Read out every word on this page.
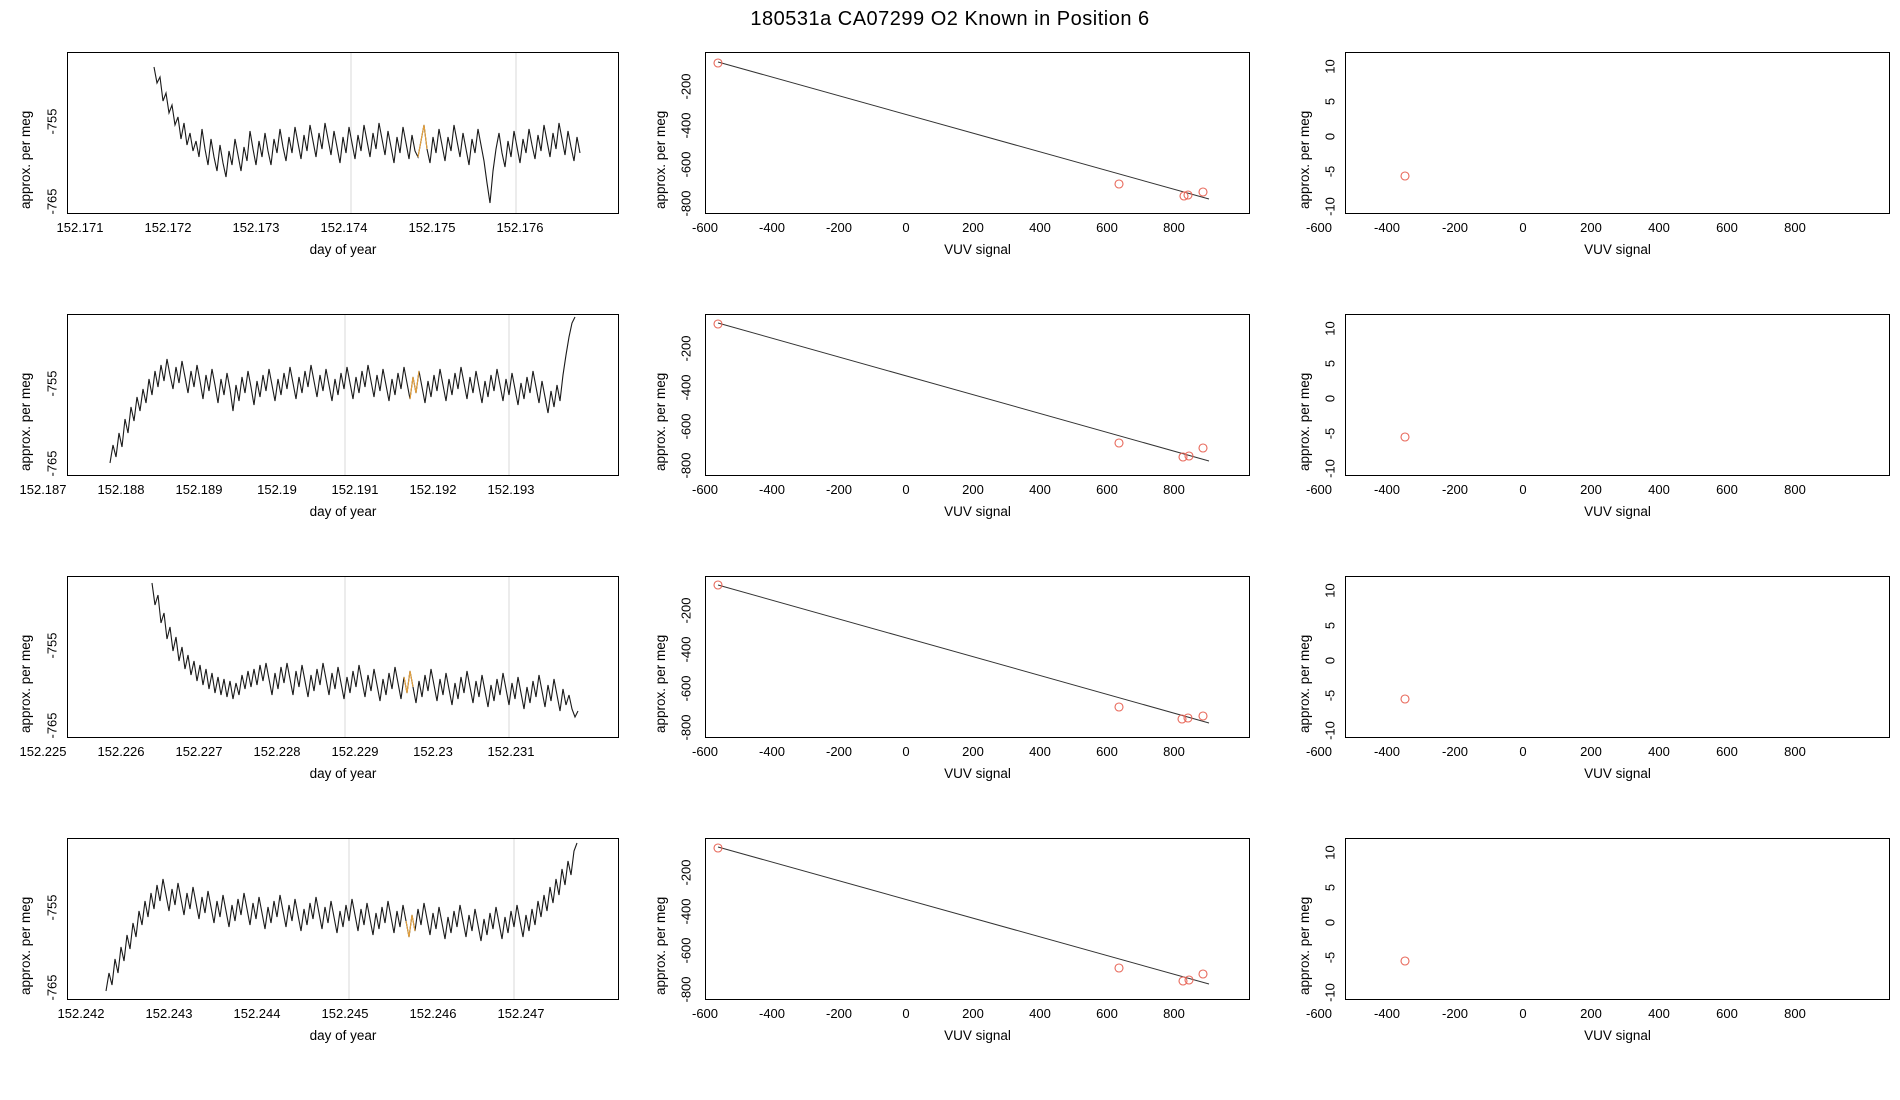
180531a CA07299 O2 Known in Position 6
152.171	152.172	152.173	152.174	152.175	152.176
day of year
-765
-755
approx. per meg
-600	-400	-200	0	200	400	600	800
VUV signal
-800
-600
-400
-200
approx. per meg
-600	-400	-200	0	200	400	600	800
VUV signal
-10
-5
0
5
10
approx. per meg
152.187	152.188	152.189	152.19	152.191	152.192	152.193
day of year
-765
-755
approx. per meg
-600	-400	-200	0	200	400	600	800
VUV signal
-800
-600
-400
-200
approx. per meg
-600	-400	-200	0	200	400	600	800
VUV signal
-10
-5
0
5
10
approx. per meg
152.225	152.226	152.227	152.228	152.229	152.23	152.231
day of year
-765
-755
approx. per meg
-600	-400	-200	0	200	400	600	800
VUV signal
-800
-600
-400
-200
approx. per meg
-600	-400	-200	0	200	400	600	800
VUV signal
-10
-5
0
5
10
approx. per meg
152.242	152.243	152.244	152.245	152.246	152.247
day of year
-765
-755
approx. per meg
-600	-400	-200	0	200	400	600	800
VUV signal
-800
-600
-400
-200
approx. per meg
-600	-400	-200	0	200	400	600	800
VUV signal
-10
-5
0
5
10
approx. per meg
